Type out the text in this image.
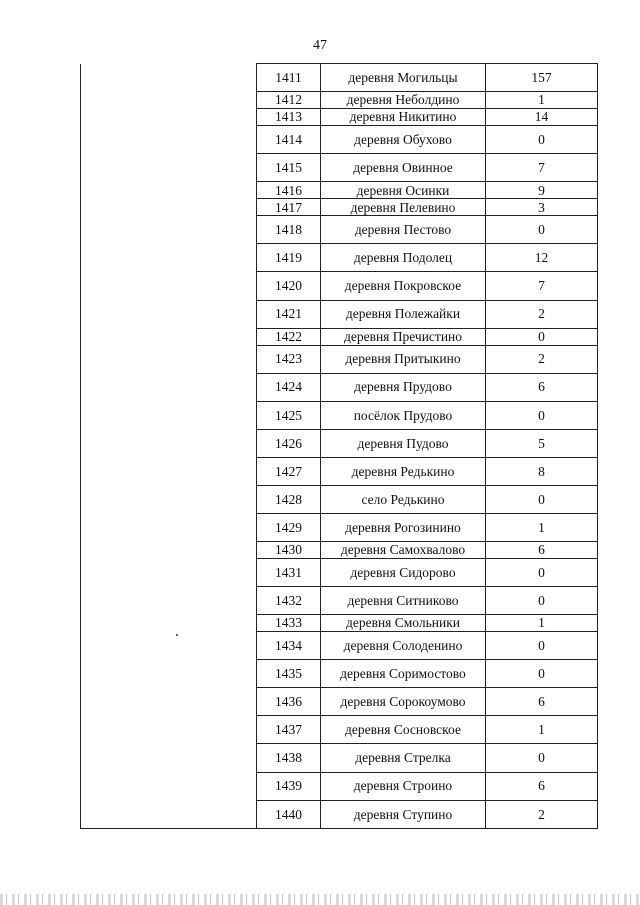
47
	1411	деревня Могильцы	157
	1412	деревня Неболдино	1
	1413	деревня Никитино	14
	1414	деревня Обухово	0
	1415	деревня Овинное	7
	1416	деревня Осинки	9
	1417	деревня Пелевино	3
	1418	деревня Пестово	0
	1419	деревня Подолец	12
	1420	деревня Покровское	7
	1421	деревня Полежайки	2
	1422	деревня Пречистино	0
	1423	деревня Притыкино	2
	1424	деревня Прудово	6
	1425	посёлок Прудово	0
	1426	деревня Пудово	5
	1427	деревня Редькино	8
	1428	село Редькино	0
	1429	деревня Рогозинино	1
	1430	деревня Самохвалово	6
	1431	деревня Сидорово	0
	1432	деревня Ситниково	0
	1433	деревня Смольники	1
	1434	деревня Солоденино	0
	1435	деревня Соримостово	0
	1436	деревня Сорокоумово	6
	1437	деревня Сосновское	1
	1438	деревня Стрелка	0
	1439	деревня Строино	6
	1440	деревня Ступино	2
